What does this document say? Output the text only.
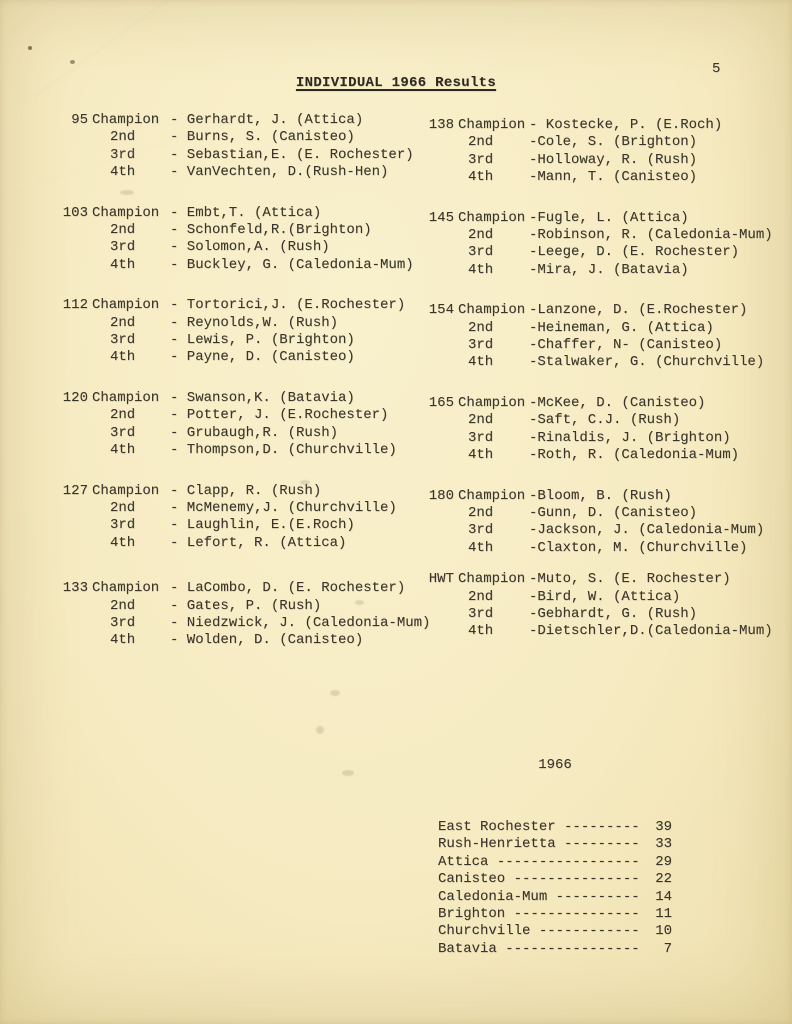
5
INDIVIDUAL 1966 Results

95 Champion - Gerhardt, J. (Attica)
2nd	- Burns, S. (Canisteo)
3rd	- Sebastian,E. (E. Rochester)
4th	- VanVechten, D.(Rush-Hen)
103 Champion - Embt,T. (Attica)
2nd	- Schonfeld,R.(Brighton)
3rd	- Solomon,A. (Rush)
4th	- Buckley, G. (Caledonia-Mum)
112 Champion - Tortorici,J. (E.Rochester)
2nd	- Reynolds,W. (Rush)
3rd	- Lewis, P. (Brighton)
4th	- Payne, D. (Canisteo)
120 Champion - Swanson,K. (Batavia)
2nd	- Potter, J. (E.Rochester)
3rd	- Grubaugh,R. (Rush)
4th	- Thompson,D. (Churchville)
127 Champion - Clapp, R. (Rush)
2nd	- McMenemy,J. (Churchville)
3rd	- Laughlin, E.(E.Roch)
4th	- Lefort, R. (Attica)
133 Champion - LaCombo, D. (E. Rochester)
2nd	- Gates, P. (Rush)
3rd	- Niedzwick, J. (Caledonia-Mum)
4th	- Wolden, D. (Canisteo)

138 Champion - Kostecke, P. (E.Roch)
2nd	-Cole, S. (Brighton)
3rd	-Holloway, R. (Rush)
4th	-Mann, T. (Canisteo)
145 Champion -Fugle, L. (Attica)
2nd	-Robinson, R. (Caledonia-Mum)
3rd	-Leege, D. (E. Rochester)
4th	-Mira, J. (Batavia)
154 Champion -Lanzone, D. (E.Rochester)
2nd	-Heineman, G. (Attica)
3rd	-Chaffer, N- (Canisteo)
4th	-Stalwaker, G. (Churchville)
165 Champion -McKee, D. (Canisteo)
2nd	-Saft, C.J. (Rush)
3rd	-Rinaldis, J. (Brighton)
4th	-Roth, R. (Caledonia-Mum)
180 Champion -Bloom, B. (Rush)
2nd	-Gunn, D. (Canisteo)
3rd	-Jackson, J. (Caledonia-Mum)
4th	-Claxton, M. (Churchville)
HWT Champion -Muto, S. (E. Rochester)
2nd	-Bird, W. (Attica)
3rd	-Gebhardt, G. (Rush)
4th	-Dietschler,D.(Caledonia-Mum)

1966

East Rochester --------- 39
Rush-Henrietta --------- 33
Attica ----------------- 29
Canisteo --------------- 22
Caledonia-Mum ---------- 14
Brighton --------------- 11
Churchville ------------ 10
Batavia ----------------	7
